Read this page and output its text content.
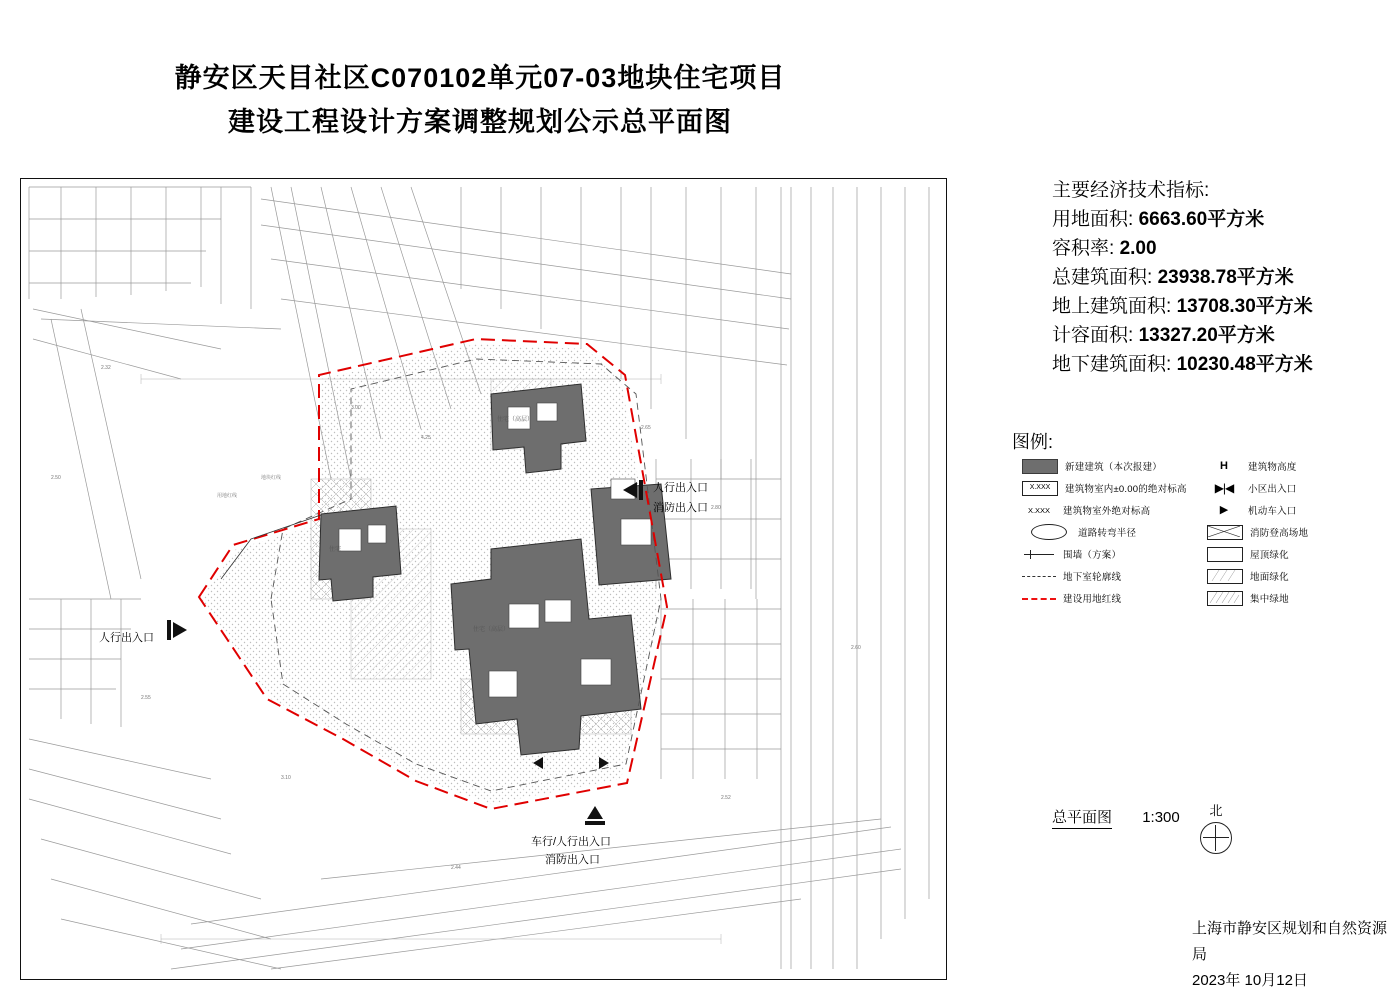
静安区天目社区C070102单元07-03地块住宅项目
建设工程设计方案调整规划公示总平面图
地块红线
用地红线
3.00
4.25
2.65
2.80
2.55
3.10
2.44
2.52
2.60
2.32
2.50
住宅（高层）
住宅（高层）
住宅
人行出入口
人行出入口
消防出入口
车行/人行出入口
消防出入口
主要经济技术指标:
用地面积: 6663.60平方米
容积率: 2.00
总建筑面积: 23938.78平方米
地上建筑面积: 13708.30平方米
计容面积: 13327.20平方米
地下建筑面积: 10230.48平方米
图例:
新建建筑（本次报建）
X.XXX	建筑物室内±0.00的绝对标高
X.XXX	建筑物室外绝对标高
道路转弯半径
围墙（方案）
地下室轮廓线
建设用地红线
H	建筑物高度
▶|◀	小区出入口
▶	机动车入口
消防登高场地
屋顶绿化
地面绿化
集中绿地
总平面图 1:300	北
上海市静安区规划和自然资源局
2023年 10月12日
